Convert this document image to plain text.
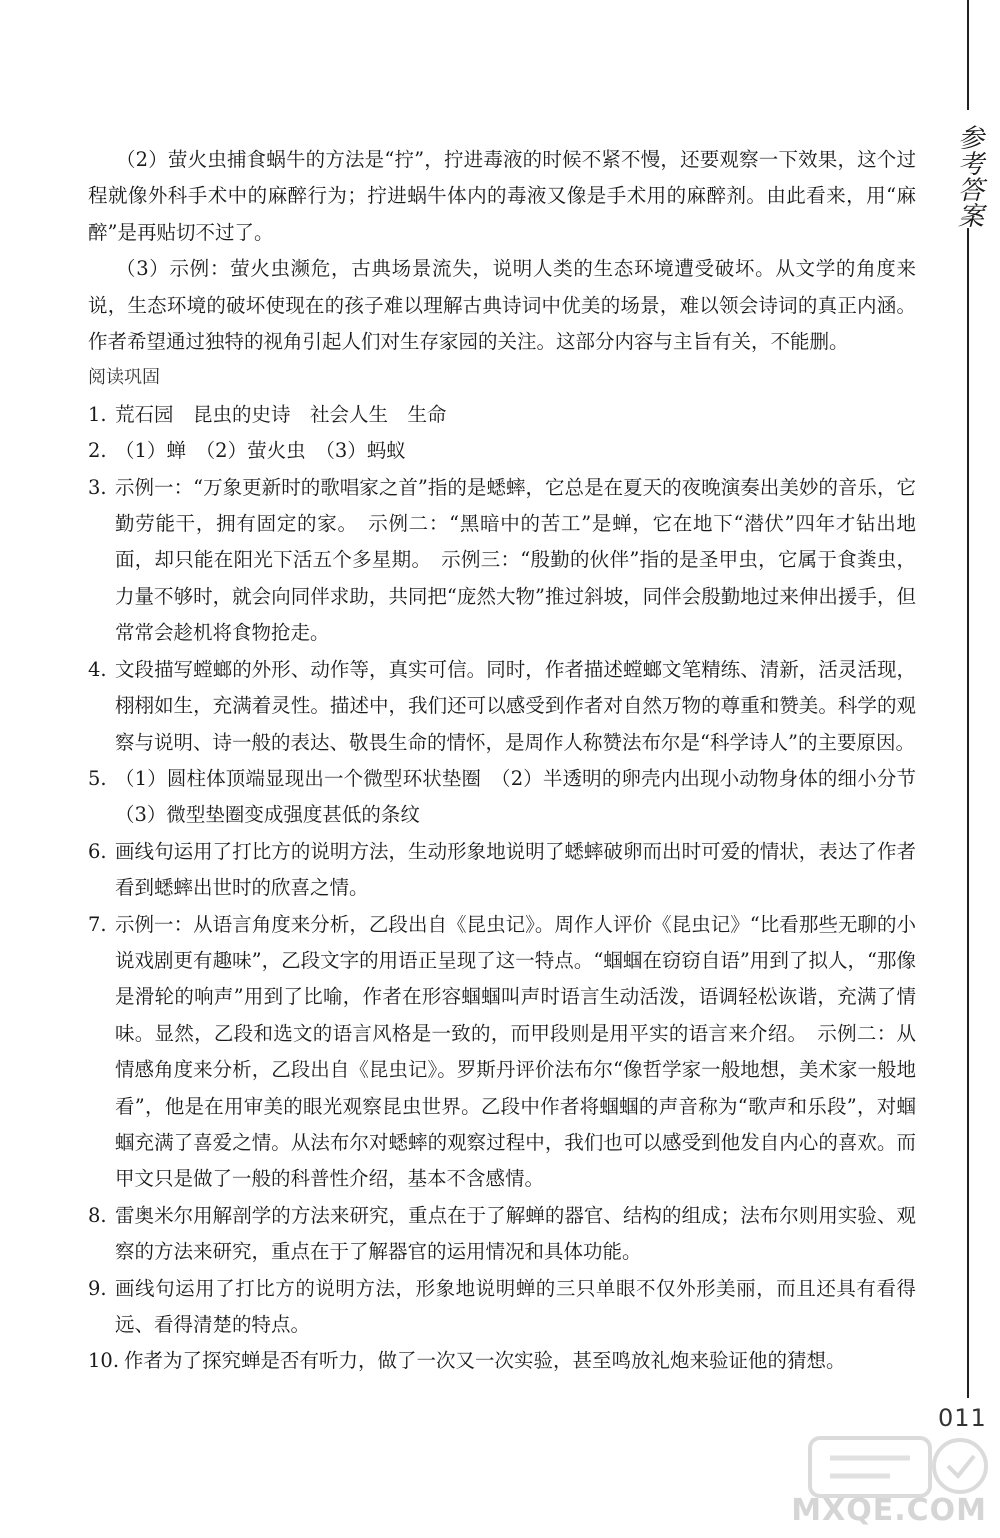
参
考
答
案

（2）萤火虫捕食蜗牛的方法是“拧”，拧进毒液的时候不紧不慢，还要观察一下效果，这个过程就像外科手术中的麻醉行为；拧进蜗牛体内的毒液又像是手术用的麻醉剂。由此看来，用“麻醉”是再贴切不过了。

（3）示例：萤火虫濒危，古典场景流失，说明人类的生态环境遭受破坏。从文学的角度来说，生态环境的破坏使现在的孩子难以理解古典诗词中优美的场景，难以领会诗词的真正内涵。作者希望通过独特的视角引起人们对生存家园的关注。这部分内容与主旨有关，不能删。

阅读巩固

1. 荒石园　昆虫的史诗　社会人生　生命
2. （1）蝉　（2）萤火虫　（3）蚂蚁
3. 示例一：“万象更新时的歌唱家之首”指的是蟋蟀，它总是在夏天的夜晚演奏出美妙的音乐，它勤劳能干，拥有固定的家。　示例二：“黑暗中的苦工”是蝉，它在地下“潜伏”四年才钻出地面，却只能在阳光下活五个多星期。　示例三：“殷勤的伙伴”指的是圣甲虫，它属于食粪虫，力量不够时，就会向同伴求助，共同把“庞然大物”推过斜坡，同伴会殷勤地过来伸出援手，但常常会趁机将食物抢走。
4. 文段描写螳螂的外形、动作等，真实可信。同时，作者描述螳螂文笔精练、清新，活灵活现，栩栩如生，充满着灵性。描述中，我们还可以感受到作者对自然万物的尊重和赞美。科学的观察与说明、诗一般的表达、敬畏生命的情怀，是周作人称赞法布尔是“科学诗人”的主要原因。
5. （1）圆柱体顶端显现出一个微型环状垫圈　（2）半透明的卵壳内出现小动物身体的细小分节　（3）微型垫圈变成强度甚低的条纹
6. 画线句运用了打比方的说明方法，生动形象地说明了蟋蟀破卵而出时可爱的情状，表达了作者看到蟋蟀出世时的欣喜之情。
7. 示例一：从语言角度来分析，乙段出自《昆虫记》。周作人评价《昆虫记》“比看那些无聊的小说戏剧更有趣味”，乙段文字的用语正呈现了这一特点。“蝈蝈在窃窃自语”用到了拟人，“那像是滑轮的响声”用到了比喻，作者在形容蝈蝈叫声时语言生动活泼，语调轻松诙谐，充满了情味。显然，乙段和选文的语言风格是一致的，而甲段则是用平实的语言来介绍。　示例二：从情感角度来分析，乙段出自《昆虫记》。罗斯丹评价法布尔“像哲学家一般地想，美术家一般地看”，他是在用审美的眼光观察昆虫世界。乙段中作者将蝈蝈的声音称为“歌声和乐段”，对蝈蝈充满了喜爱之情。从法布尔对蟋蟀的观察过程中，我们也可以感受到他发自内心的喜欢。而甲文只是做了一般的科普性介绍，基本不含感情。
8. 雷奥米尔用解剖学的方法来研究，重点在于了解蝉的器官、结构的组成；法布尔则用实验、观察的方法来研究，重点在于了解器官的运用情况和具体功能。
9. 画线句运用了打比方的说明方法，形象地说明蝉的三只单眼不仅外形美丽，而且还具有看得远、看得清楚的特点。
10. 作者为了探究蝉是否有听力，做了一次又一次实验，甚至鸣放礼炮来验证他的猜想。
011
MXQE.COM
